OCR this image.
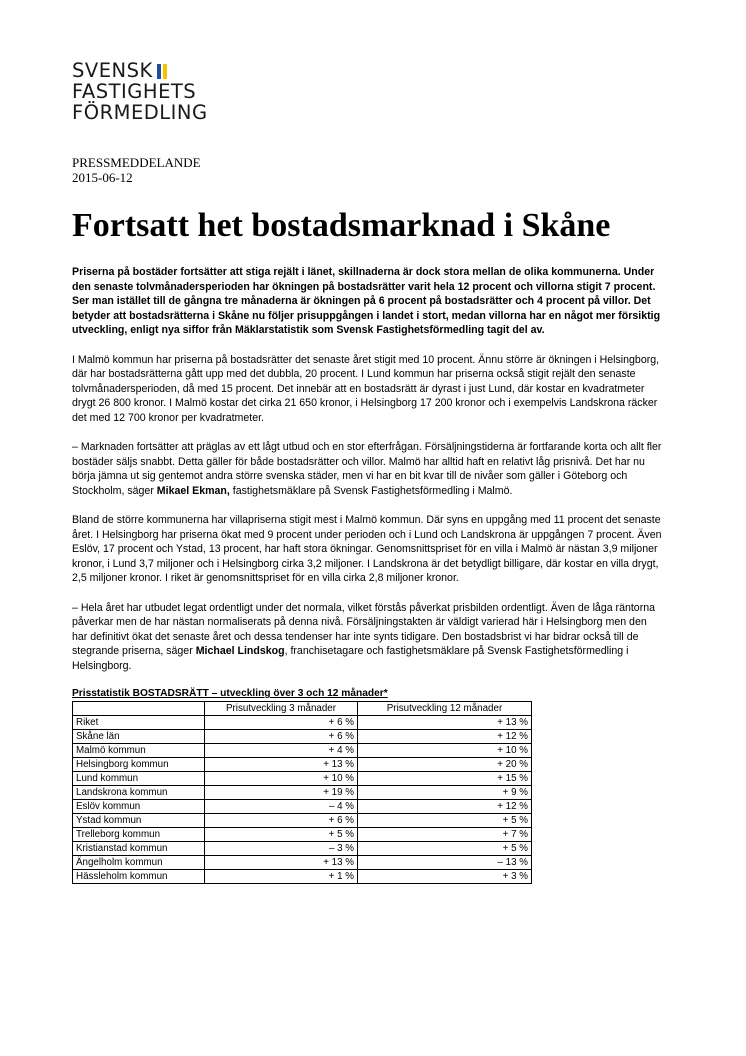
SVENSK
FASTIGHETS
FÖRMEDLING
PRESSMEDDELANDE
2015-06-12
Fortsatt het bostadsmarknad i Skåne

Priserna på bostäder fortsätter att stiga rejält i länet, skillnaderna är dock stora mellan de olika kommunerna. Under den senaste tolvmånadersperioden har ökningen på bostadsrätter varit hela 12 procent och villorna stigit 7 procent. Ser man istället till de gångna tre månaderna är ökningen på 6 procent på bostadsrätter och 4 procent på villor. Det betyder att bostadsrätterna i Skåne nu följer prisuppgången i landet i stort, medan villorna har en något mer försiktig utveckling, enligt nya siffor från Mäklarstatistik som Svensk Fastighetsförmedling tagit del av.

I Malmö kommun har priserna på bostadsrätter det senaste året stigit med 10 procent. Ännu större är ökningen i Helsingborg, där har bostadsrätterna gått upp med det dubbla, 20 procent. I Lund kommun har priserna också stigit rejält den senaste tolvmånadersperioden, då med 15 procent. Det innebär att en bostadsrätt är dyrast i just Lund, där kostar en kvadratmeter drygt 26 800 kronor. I Malmö kostar det cirka 21 650 kronor, i Helsingborg 17 200 kronor och i exempelvis Landskrona räcker det med 12 700 kronor per kvadratmeter.

– Marknaden fortsätter att präglas av ett lågt utbud och en stor efterfrågan. Försäljningstiderna är fortfarande korta och allt fler bostäder säljs snabbt. Detta gäller för både bostadsrätter och villor. Malmö har alltid haft en relativt låg prisnivå. Det har nu börja jämna ut sig gentemot andra större svenska städer, men vi har en bit kvar till de nivåer som gäller i Göteborg och Stockholm, säger Mikael Ekman, fastighetsmäklare på Svensk Fastighetsförmedling i Malmö.

Bland de större kommunerna har villapriserna stigit mest i Malmö kommun. Där syns en uppgång med 11 procent det senaste året. I Helsingborg har priserna ökat med 9 procent under perioden och i Lund och Landskrona är uppgången 7 procent. Även Eslöv, 17 procent och Ystad, 13 procent, har haft stora ökningar. Genomsnittspriset för en villa i Malmö är nästan 3,9 miljoner kronor, i Lund 3,7 miljoner och i Helsingborg cirka 3,2 miljoner. I Landskrona är det betydligt billigare, där kostar en villa drygt, 2,5 miljoner kronor. I riket är genomsnittspriset för en villa cirka 2,8 miljoner kronor.

– Hela året har utbudet legat ordentligt under det normala, vilket förstås påverkat prisbilden ordentligt. Även de låga räntorna påverkar men de har nästan normaliserats på denna nivå. Försäljningstakten är väldigt varierad här i Helsingborg men den har definitivt ökat det senaste året och dessa tendenser har inte synts tidigare. Den bostadsbrist vi har bidrar också till de stegrande priserna, säger Michael Lindskog, franchisetagare och fastighetsmäklare på Svensk Fastighetsförmedling i Helsingborg.

Prisstatistik BOSTADSRÄTT – utveckling över 3 och 12 månader*
	Prisutveckling 3 månader	Prisutveckling 12 månader
Riket	+ 6 %	+ 13 %
Skåne län	+ 6 %	+ 12 %
Malmö kommun	+ 4 %	+ 10 %
Helsingborg kommun	+ 13 %	+ 20 %
Lund kommun	+ 10 %	+ 15 %
Landskrona kommun	+ 19 %	+ 9 %
Eslöv kommun	– 4 %	+ 12 %
Ystad kommun	+ 6 %	+ 5 %
Trelleborg kommun	+ 5 %	+ 7 %
Kristianstad kommun	– 3 %	+ 5 %
Ängelholm kommun	+ 13 %	– 13 %
Hässleholm kommun	+ 1 %	+ 3 %
